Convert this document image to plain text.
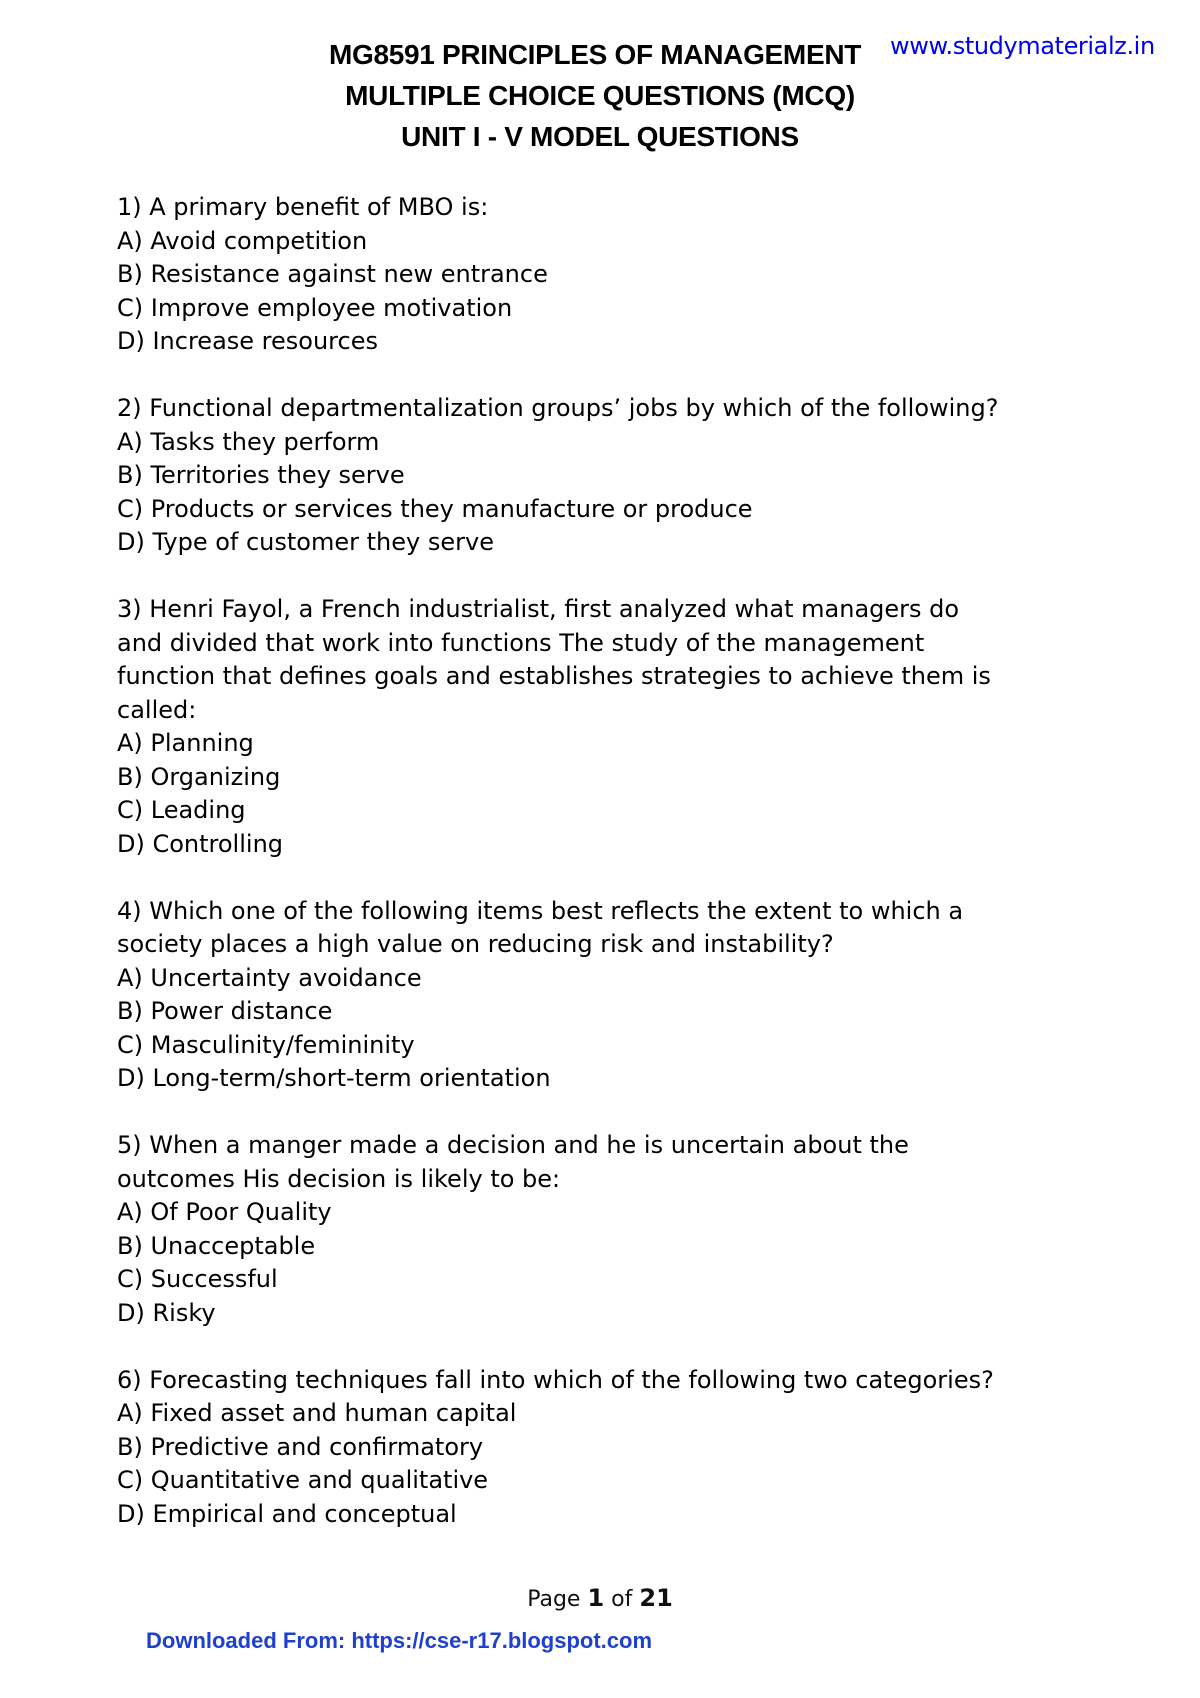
MG8591 PRINCIPLES OF MANAGEMENT
MULTIPLE CHOICE QUESTIONS (MCQ)
UNIT I - V MODEL QUESTIONS
www.studymaterialz.in
1) A primary benefit of MBO is:
A) Avoid competition
B) Resistance against new entrance
C) Improve employee motivation
D) Increase resources
2) Functional departmentalization groups’ jobs by which of the following?
A) Tasks they perform
B) Territories they serve
C) Products or services they manufacture or produce
D) Type of customer they serve
3) Henri Fayol, a French industrialist, first analyzed what managers do
and divided that work into functions The study of the management
function that defines goals and establishes strategies to achieve them is
called:
A) Planning
B) Organizing
C) Leading
D) Controlling
4) Which one of the following items best reflects the extent to which a
society places a high value on reducing risk and instability?
A) Uncertainty avoidance
B) Power distance
C) Masculinity/femininity
D) Long-term/short-term orientation
5) When a manger made a decision and he is uncertain about the
outcomes His decision is likely to be:
A) Of Poor Quality
B) Unacceptable
C) Successful
D) Risky
6) Forecasting techniques fall into which of the following two categories?
A) Fixed asset and human capital
B) Predictive and confirmatory
C) Quantitative and qualitative
D) Empirical and conceptual
Page 1 of 21
Downloaded From: https://cse-r17.blogspot.com
